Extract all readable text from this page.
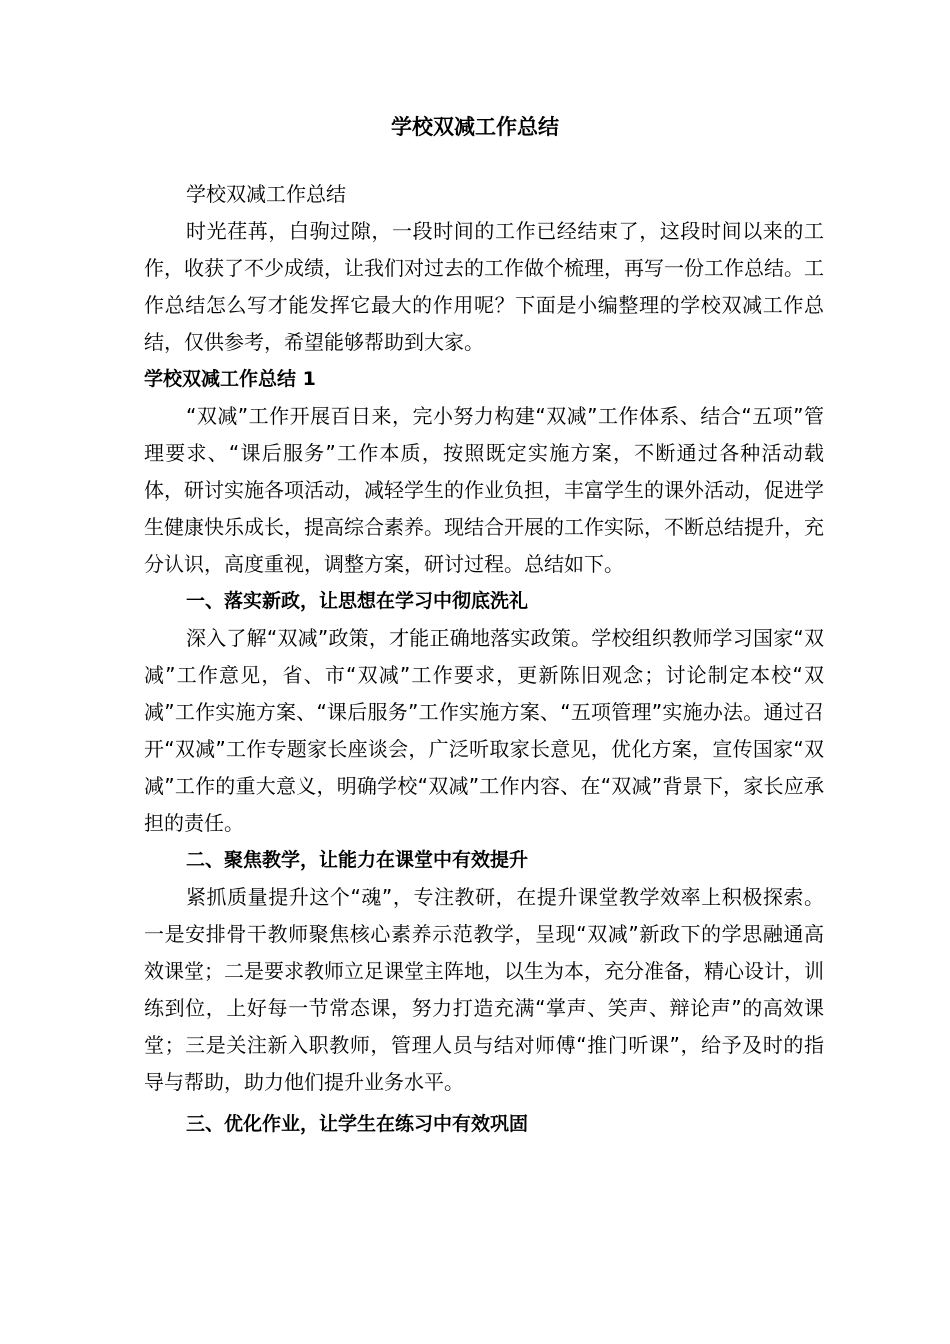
学校双减工作总结

学校双减工作总结

时光荏苒，白驹过隙，一段时间的工作已经结束了，这段时间以来的工作，收获了不少成绩，让我们对过去的工作做个梳理，再写一份工作总结。工作总结怎么写才能发挥它最大的作用呢？下面是小编整理的学校双减工作总结，仅供参考，希望能够帮助到大家。

学校双减工作总结 1

“双减”工作开展百日来，完小努力构建“双减”工作体系、结合“五项”管理要求、“课后服务”工作本质，按照既定实施方案，不断通过各种活动载体，研讨实施各项活动，减轻学生的作业负担，丰富学生的课外活动，促进学生健康快乐成长，提高综合素养。现结合开展的工作实际，不断总结提升，充分认识，高度重视，调整方案，研讨过程。总结如下。

一、落实新政，让思想在学习中彻底洗礼

深入了解“双减”政策，才能正确地落实政策。学校组织教师学习国家“双减”工作意见，省、市“双减”工作要求，更新陈旧观念；讨论制定本校“双减”工作实施方案、“课后服务”工作实施方案、“五项管理”实施办法。通过召开“双减”工作专题家长座谈会，广泛听取家长意见，优化方案，宣传国家“双减”工作的重大意义，明确学校“双减”工作内容、在“双减”背景下，家长应承担的责任。

二、聚焦教学，让能力在课堂中有效提升

紧抓质量提升这个“魂”，专注教研，在提升课堂教学效率上积极探索。一是安排骨干教师聚焦核心素养示范教学，呈现“双减”新政下的学思融通高效课堂；二是要求教师立足课堂主阵地，以生为本，充分准备，精心设计，训练到位，上好每一节常态课，努力打造充满“掌声、笑声、辩论声”的高效课堂；三是关注新入职教师，管理人员与结对师傅“推门听课”，给予及时的指导与帮助，助力他们提升业务水平。

三、优化作业，让学生在练习中有效巩固
